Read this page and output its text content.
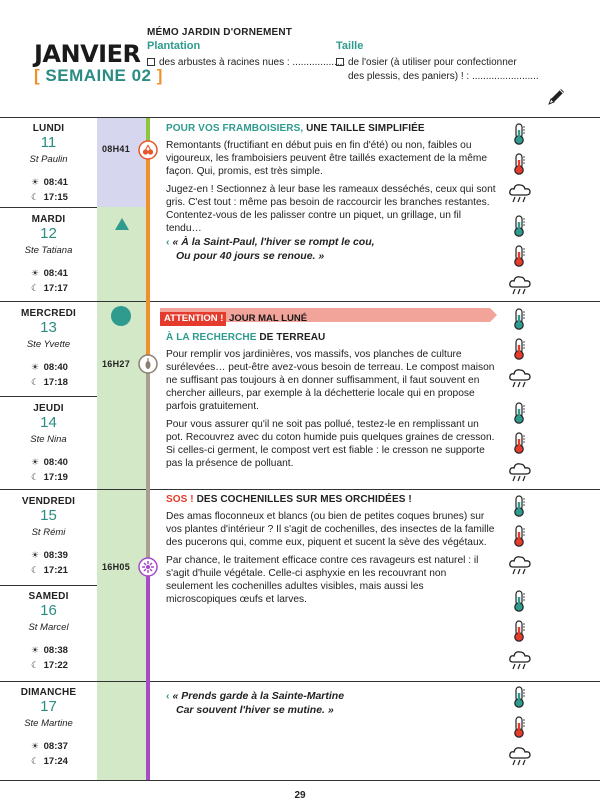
JANVIER
[ SEMAINE 02 ]
MÉMO JARDIN D'ORNEMENT
Plantation
des arbustes à racines nues : ...................
Taille
de l'osier (à utiliser pour confectionner
des plessis, des paniers) ! : ........................
08H41
16H27
16H05
LUNDI
11
St Paulin
☀ 08:41
☾ 17:15
MARDI
12
Ste Tatiana
☀ 08:41
☾ 17:17
MERCREDI
13
Ste Yvette
☀ 08:40
☾ 17:18
JEUDI
14
Ste Nina
☀ 08:40
☾ 17:19
VENDREDI
15
St Rémi
☀ 08:39
☾ 17:21
SAMEDI
16
St Marcel
☀ 08:38
☾ 17:22
DIMANCHE
17
Ste Martine
☀ 08:37
☾ 17:24
POUR VOS FRAMBOISIERS, UNE TAILLE SIMPLIFIÉE

Remontants (fructifiant en début puis en fin d'été) ou non, faibles ou vigoureux, les framboisiers peuvent être taillés exactement de la même façon. Qui, promis, est très simple.

Jugez-en ! Sectionnez à leur base les rameaux desséchés, ceux qui sont gris. C'est tout : même pas besoin de raccourcir les branches restantes. Contentez-vous de les palisser contre un piquet, un grillage, un fil tendu…

‹ « À la Saint-Paul, l'hiver se rompt le cou,
Ou pour 40 jours se renoue. »
ATTENTION ! JOUR MAL LUNÉ
À LA RECHERCHE DE TERREAU

Pour remplir vos jardinières, vos massifs, vos planches de culture surélevées… peut-être avez-vous besoin de terreau. Le compost maison ne suffisant pas toujours à en donner suffisamment, il faut souvent en chercher ailleurs, par exemple à la déchetterie locale qui en propose parfois gratuitement.

Pour vous assurer qu'il ne soit pas pollué, testez-le en remplissant un pot. Recouvrez avec du coton humide puis quelques graines de cresson. Si celles-ci germent, le compost vert est fiable : le cresson ne supporte pas la présence de polluant.

SOS ! DES COCHENILLES SUR MES ORCHIDÉES !

Des amas floconneux et blancs (ou bien de petites coques brunes) sur vos plantes d'intérieur ? Il s'agit de cochenilles, des insectes de la famille des pucerons qui, comme eux, piquent et sucent la sève des végétaux.

Par chance, le traitement efficace contre ces ravageurs est naturel : il s'agit d'huile végétale. Celle-ci asphyxie en les recouvrant non seulement les cochenilles adultes visibles, mais aussi les microscopiques œufs et larves.

‹ « Prends garde à la Sainte-Martine
Car souvent l'hiver se mutine. »
29
